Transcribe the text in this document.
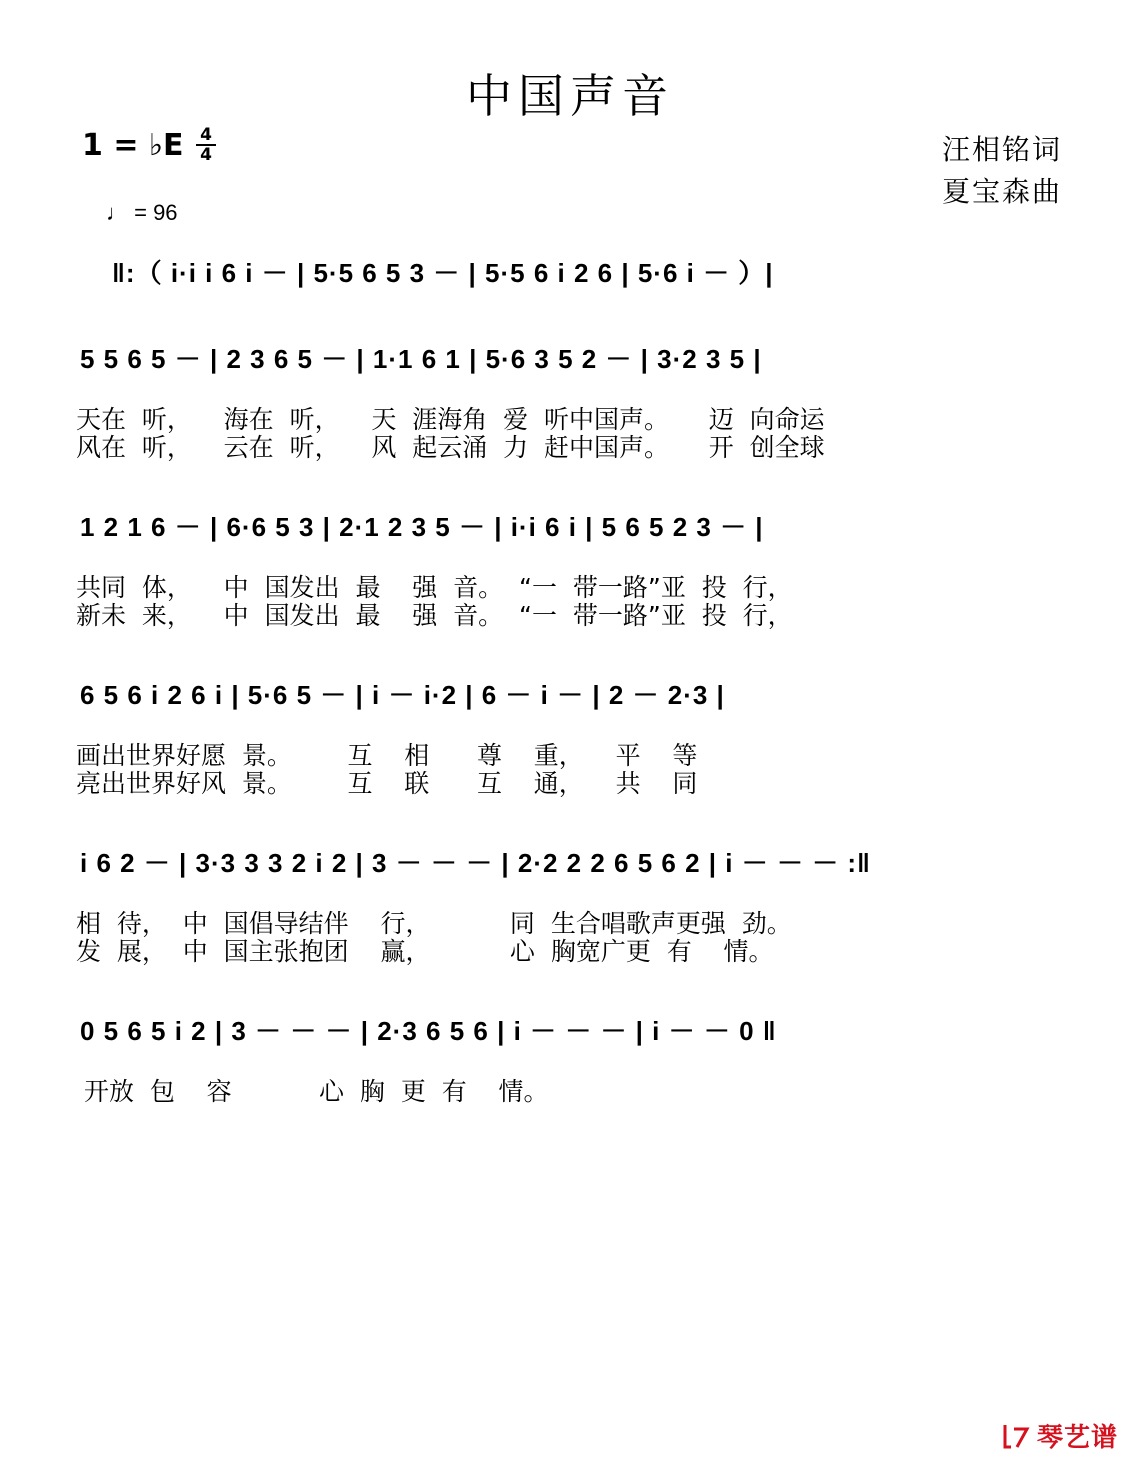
中国声音
1 = ♭E 4
4
♩ = 96
汪相铭词
夏宝森曲
‖:（ i·i i 6 i － | 5·5 6 5 3 － | 5·5 6 i 2 6 | 5·6 i － ）|
5 5 6 5 － | 2 3 6 5 － | 1·1 6 1 | 5·6 3 5 2 － | 3·2 3 5 |
1 2 1 6 － | 6·6 5 3 | 2·1 2 3 5 － | i·i 6 i | 5 6 5 2 3 － |
6 5 6 i 2 6 i | 5·6 5 － | i － i·2 | 6 － i － | 2 － 2·3 |
i 6 2 － | 3·3 3 3 2 i 2 | 3 － － － | 2·2 2 2 6 5 6 2 | i － － － :‖
0 5 6 5 i 2 | 3 － － － | 2·3 6 5 6 | i － － － | i － － 0 ‖
天在  听，    海在  听，    天  涯海角  爱  听中国声。     迈  向命运
风在  听，    云在  听，    风  起云涌  力  赶中国声。     开  创全球
共同  体，    中  国发出  最    强  音。  “一  带一路”亚  投  行，
新未  来，    中  国发出  最    强  音。  “一  带一路”亚  投  行，
画出世界好愿  景。       互    相      尊    重，    平    等
亮出世界好风  景。       互    联      互    通，    共    同
相  待，  中  国倡导结伴    行，          同  生合唱歌声更强  劲。
发  展，  中  国主张抱团    赢，          心  胸宽广更  有    情。
开放  包    容           心  胸  更  有    情。
琴艺谱
